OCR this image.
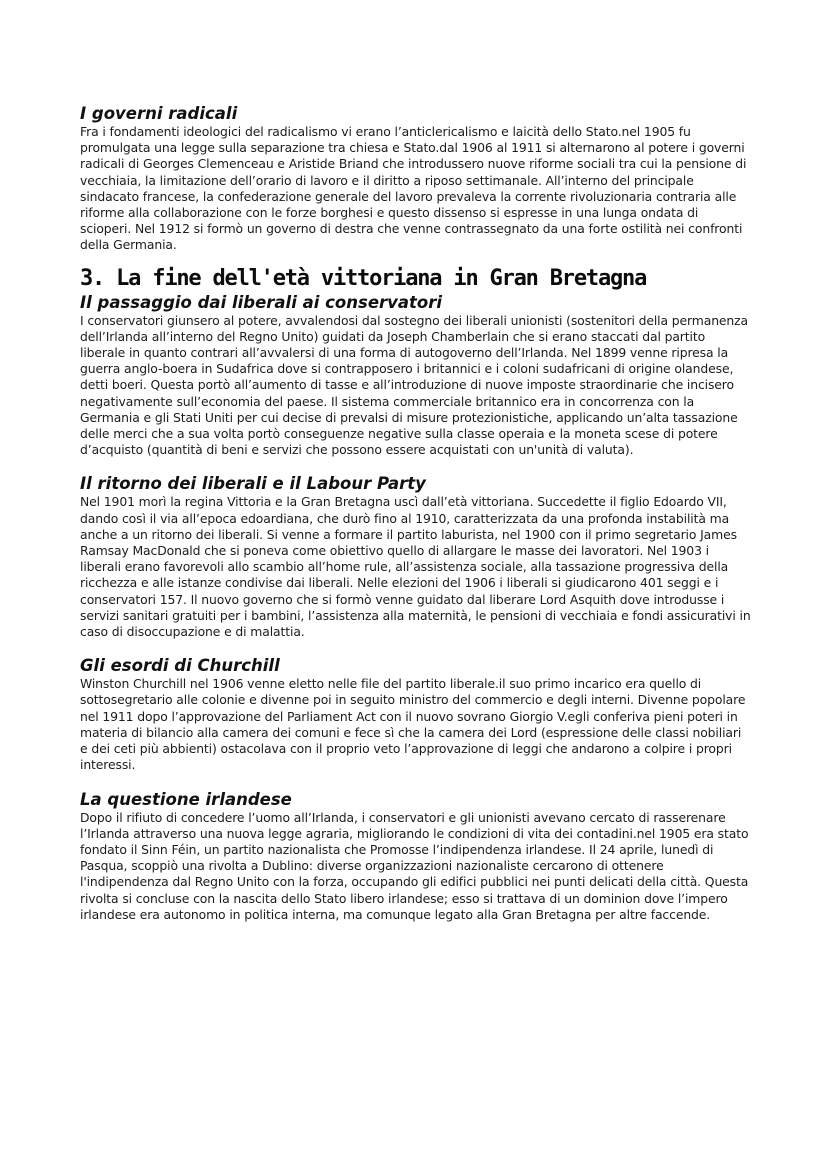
I governi radicali

Fra i fondamenti ideologici del radicalismo vi erano l’anticlericalismo e laicità dello Stato.nel 1905 fu promulgata una legge sulla separazione tra chiesa e Stato.dal 1906 al 1911 si alternarono al potere i governi radicali di Georges Clemenceau e Aristide Briand che introdussero nuove riforme sociali tra cui la pensione di vecchiaia, la limitazione dell’orario di lavoro e il diritto a riposo settimanale. All’interno del principale sindacato francese, la confederazione generale del lavoro prevaleva la corrente rivoluzionaria contraria alle riforme alla collaborazione con le forze borghesi e questo dissenso si espresse in una lunga ondata di scioperi. Nel 1912 si formò un governo di destra che venne contrassegnato da una forte ostilità nei confronti della Germania.

3. La fine dell'età vittoriana in Gran Bretagna
Il passaggio dai liberali ai conservatori

I conservatori giunsero al potere, avvalendosi dal sostegno dei liberali unionisti (sostenitori della permanenza dell’Irlanda all’interno del Regno Unito) guidati da Joseph Chamberlain che si erano staccati dal partito liberale in quanto contrari all’avvalersi di una forma di autogoverno dell’Irlanda. Nel 1899 venne ripresa la guerra anglo-boera in Sudafrica dove si contrapposero i britannici e i coloni sudafricani di origine olandese, detti boeri. Questa portò all’aumento di tasse e all’introduzione di nuove imposte straordinarie che incisero negativamente sull’economia del paese. Il sistema commerciale britannico era in concorrenza con la Germania e gli Stati Uniti per cui decise di prevalsi di misure protezionistiche, applicando un’alta tassazione delle merci che a sua volta portò conseguenze negative sulla classe operaia e la moneta scese di potere d’acquisto (quantità di beni e servizi che possono essere acquistati con un'unità di valuta).

Il ritorno dei liberali e il Labour Party

Nel 1901 morì la regina Vittoria e la Gran Bretagna uscì dall’età vittoriana. Succedette il figlio Edoardo VII, dando così il via all’epoca edoardiana, che durò fino al 1910, caratterizzata da una profonda instabilità ma anche a un ritorno dei liberali. Si venne a formare il partito laburista, nel 1900 con il primo segretario James Ramsay MacDonald che si poneva come obiettivo quello di allargare le masse dei lavoratori. Nel 1903 i liberali erano favorevoli allo scambio all’home rule, all’assistenza sociale, alla tassazione progressiva della ricchezza e alle istanze condivise dai liberali. Nelle elezioni del 1906 i liberali si giudicarono 401 seggi e i conservatori 157. Il nuovo governo che si formò venne guidato dal liberare Lord Asquith dove introdusse i servizi sanitari gratuiti per i bambini, l’assistenza alla maternità, le pensioni di vecchiaia e fondi assicurativi in caso di disoccupazione e di malattia.

Gli esordi di Churchill

Winston Churchill nel 1906 venne eletto nelle file del partito liberale.il suo primo incarico era quello di sottosegretario alle colonie e divenne poi in seguito ministro del commercio e degli interni. Divenne popolare nel 1911 dopo l’approvazione del Parliament Act con il nuovo sovrano Giorgio V.egli conferiva pieni poteri in materia di bilancio alla camera dei comuni e fece sì che la camera dei Lord (espressione delle classi nobiliari e dei ceti più abbienti) ostacolava con il proprio veto l’approvazione di leggi che andarono a colpire i propri interessi.

La questione irlandese

Dopo il rifiuto di concedere l’uomo all’Irlanda, i conservatori e gli unionisti avevano cercato di rasserenare l’Irlanda attraverso una nuova legge agraria, migliorando le condizioni di vita dei contadini.nel 1905 era stato fondato il Sinn Féin, un partito nazionalista che Promosse l’indipendenza irlandese. Il 24 aprile, lunedì di Pasqua, scoppiò una rivolta a Dublino: diverse organizzazioni nazionaliste cercarono di ottenere l'indipendenza dal Regno Unito con la forza, occupando gli edifici pubblici nei punti delicati della città. Questa rivolta si concluse con la nascita dello Stato libero irlandese; esso si trattava di un dominion dove l’impero irlandese era autonomo in politica interna, ma comunque legato alla Gran Bretagna per altre faccende.
